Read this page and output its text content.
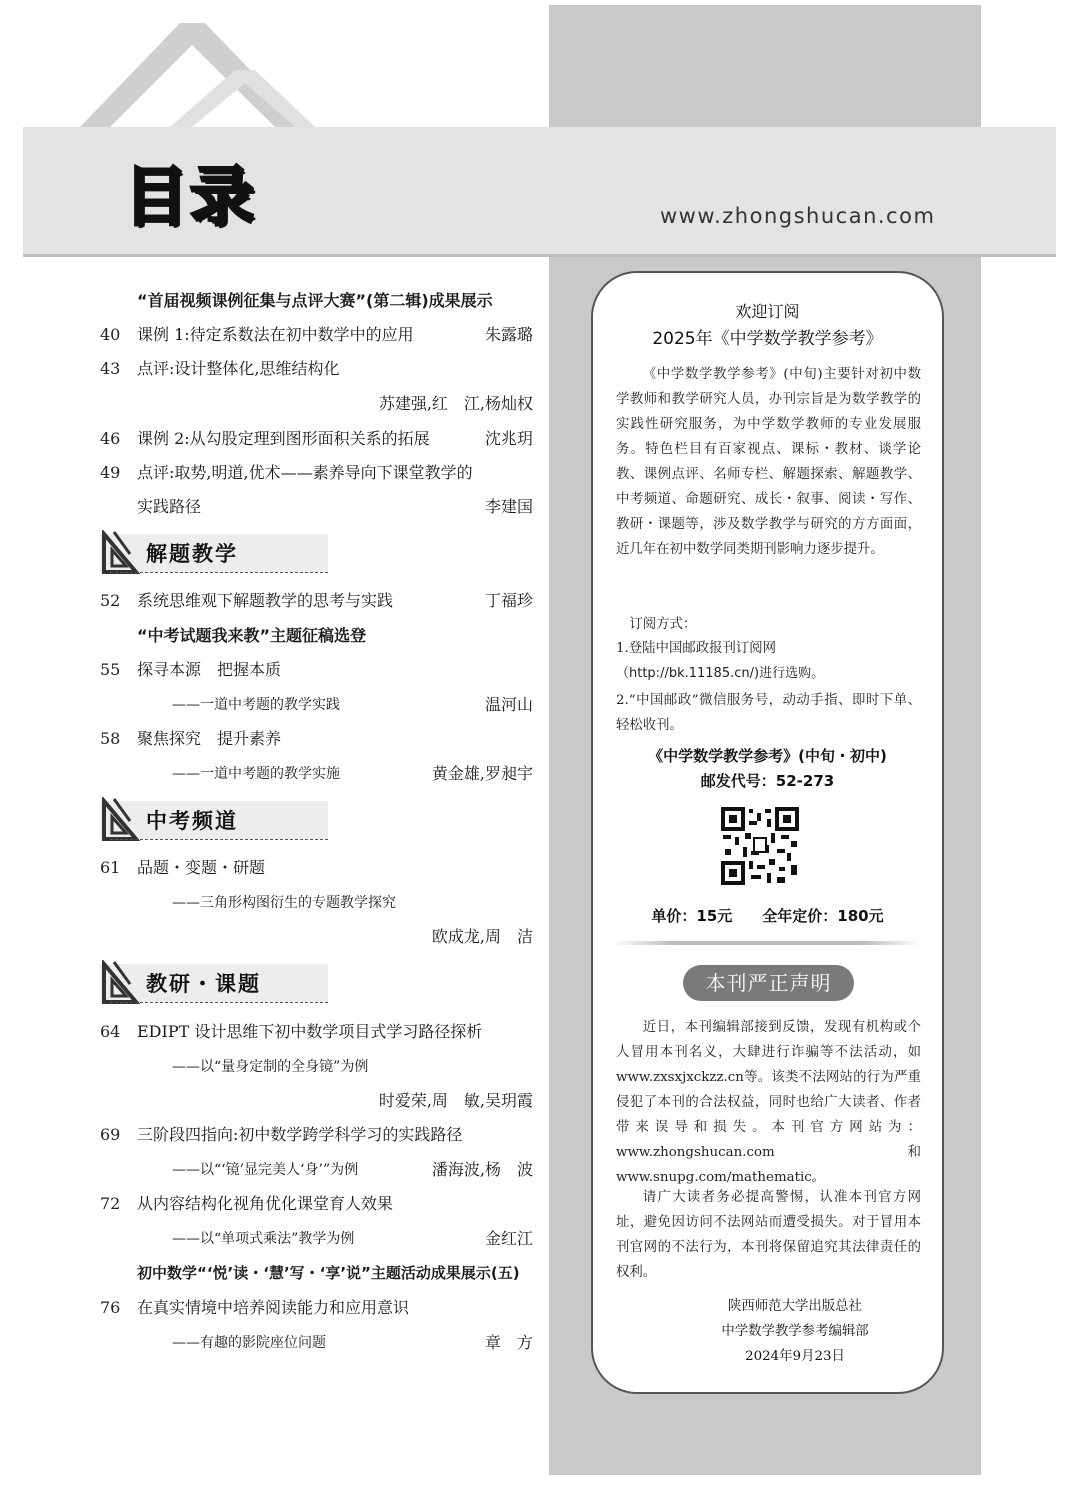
目录	www.zhongshucan.com
“首届视频课例征集与点评大赛”(第二辑)成果展示
40	课例 1:待定系数法在初中数学中的应用	朱露璐
43	点评:设计整体化,思维结构化
苏建强,红　江,杨灿权
46	课例 2:从勾股定理到图形面积关系的拓展	沈兆玥
49	点评:取势,明道,优术——素养导向下课堂教学的
实践路径	李建国
解题教学
52	系统思维观下解题教学的思考与实践	丁福珍
“中考试题我来教”主题征稿选登
55	探寻本源　把握本质
——一道中考题的教学实践	温河山
58	聚焦探究　提升素养
——一道中考题的教学实施	黄金雄,罗昶宇
中考频道
61	品题・变题・研题
——三角形构图衍生的专题教学探究
欧成龙,周　洁
教研・课题
64	EDIPT 设计思维下初中数学项目式学习路径探析
——以“量身定制的全身镜”为例
时爱荣,周　敏,吴玥霞
69	三阶段四指向:初中数学跨学科学习的实践路径
——以“‘镜’显完美人‘身’”为例	潘海波,杨　波
72	从内容结构化视角优化课堂育人效果
——以“单项式乘法”教学为例	金红江
初中数学“‘悦’读・‘慧’写・‘享’说”主题活动成果展示(五)
76	在真实情境中培养阅读能力和应用意识
——有趣的影院座位问题	章　方
欢迎订阅
2025年《中学数学教学参考》
《中学数学教学参考》(中旬)主要针对初中数学教师和教学研究人员，办刊宗旨是为数学教学的实践性研究服务，为中学数学教师的专业发展服务。特色栏目有百家视点、课标・教材、谈学论教、课例点评、名师专栏、解题探索、解题教学、中考频道、命题研究、成长・叙事、阅读・写作、教研・课题等，涉及数学教学与研究的方方面面，近几年在初中数学同类期刊影响力逐步提升。
订阅方式：
1.登陆中国邮政报刊订阅网
（http://bk.11185.cn/)进行选购。
2.“中国邮政”微信服务号，动动手指、即时下单、轻松收刊。
《中学数学教学参考》(中旬・初中)
邮发代号：52-273
单价：15元　　全年定价：180元
本刊严正声明
近日，本刊编辑部接到反馈，发现有机构或个人冒用本刊名义，大肆进行诈骗等不法活动，如www.zxsxjxckzz.cn等。该类不法网站的行为严重侵犯了本刊的合法权益，同时也给广大读者、作者带来误导和损失。本刊官方网站为：www.zhongshucan.com 和 www.snupg.com/mathematic。
请广大读者务必提高警惕，认准本刊官方网址，避免因访问不法网站而遭受损失。对于冒用本刊官网的不法行为，本刊将保留追究其法律责任的权利。
陕西师范大学出版总社
中学数学教学参考编辑部
2024年9月23日
